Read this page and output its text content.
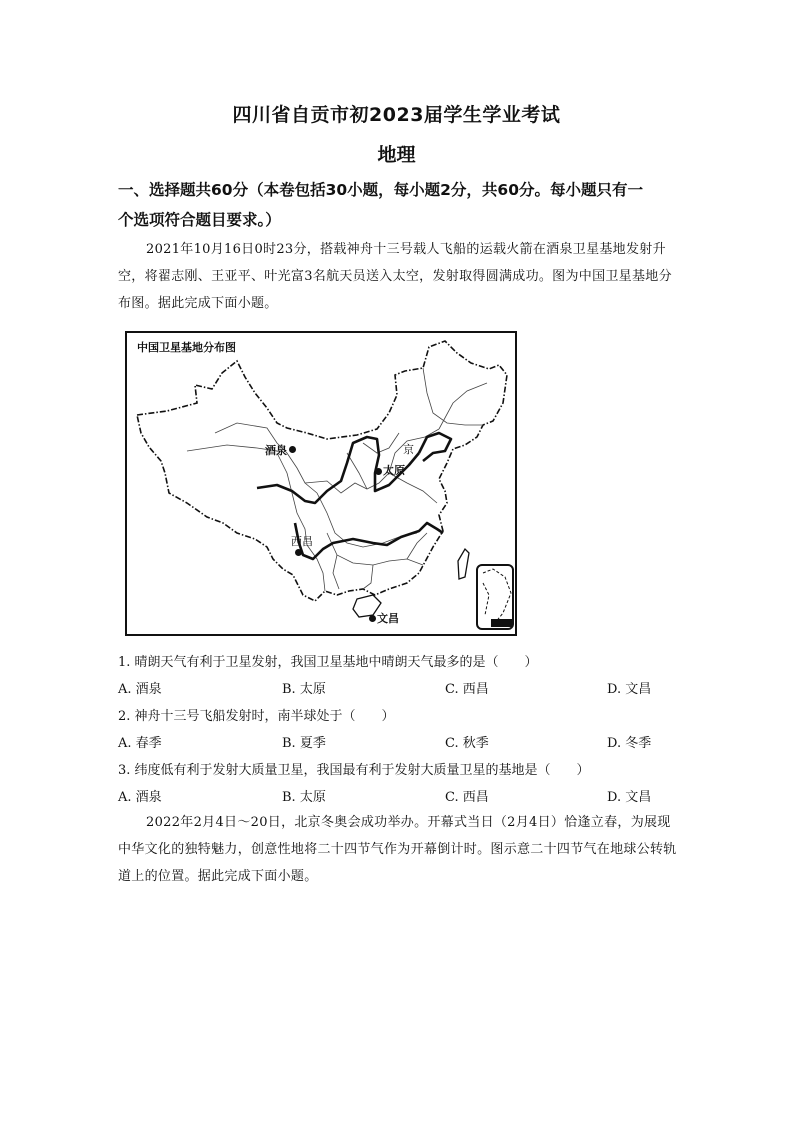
四川省自贡市初2023届学生学业考试
地理
一、选择题共60分（本卷包括30小题，每小题2分，共60分。每小题只有一
个选项符合题目要求。）
2021年10月16日0时23分，搭载神舟十三号载人飞船的运载火箭在酒泉卫星基地发射升空，将翟志刚、王亚平、叶光富3名航天员送入太空，发射取得圆满成功。图为中国卫星基地分布图。据此完成下面小题。
中国卫星基地分布图
酒泉
太原
京
西昌
文昌
1. 晴朗天气有利于卫星发射，我国卫星基地中晴朗天气最多的是（　　）
A. 酒泉	B. 太原	C. 西昌	D. 文昌
2. 神舟十三号飞船发射时，南半球处于（　　）
A. 春季	B. 夏季	C. 秋季	D. 冬季
3. 纬度低有利于发射大质量卫星，我国最有利于发射大质量卫星的基地是（　　）
A. 酒泉	B. 太原	C. 西昌	D. 文昌
2022年2月4日～20日，北京冬奥会成功举办。开幕式当日（2月4日）恰逢立春，为展现中华文化的独特魅力，创意性地将二十四节气作为开幕倒计时。图示意二十四节气在地球公转轨道上的位置。据此完成下面小题。
